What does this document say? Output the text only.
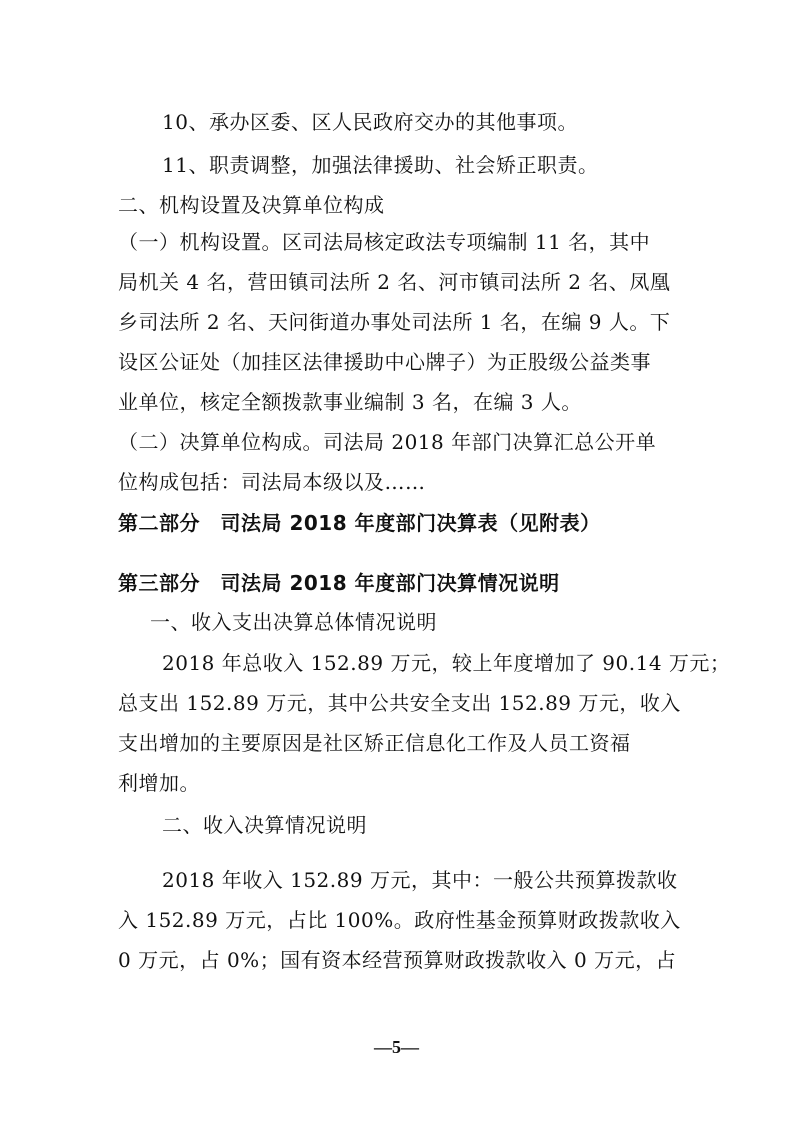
10、承办区委、区人民政府交办的其他事项。
11、职责调整，加强法律援助、社会矫正职责。
二、机构设置及决算单位构成
（一）机构设置。区司法局核定政法专项编制 11 名，其中
局机关 4 名，营田镇司法所 2 名、河市镇司法所 2 名、凤凰
乡司法所 2 名、天问街道办事处司法所 1 名，在编 9 人。下
设区公证处（加挂区法律援助中心牌子）为正股级公益类事
业单位，核定全额拨款事业编制 3 名，在编 3 人。
（二）决算单位构成。司法局 2018 年部门决算汇总公开单
位构成包括：司法局本级以及……
第二部分　司法局 2018 年度部门决算表（见附表）
第三部分　司法局 2018 年度部门决算情况说明
一、收入支出决算总体情况说明
2018 年总收入 152.89 万元，较上年度增加了 90.14 万元；
总支出 152.89 万元，其中公共安全支出 152.89 万元，收入
支出增加的主要原因是社区矫正信息化工作及人员工资福
利增加。
二、收入决算情况说明
2018 年收入 152.89 万元，其中：一般公共预算拨款收
入 152.89 万元，占比 100%。政府性基金预算财政拨款收入
0 万元，占 0%；国有资本经营预算财政拨款收入 0 万元，占
—5—
